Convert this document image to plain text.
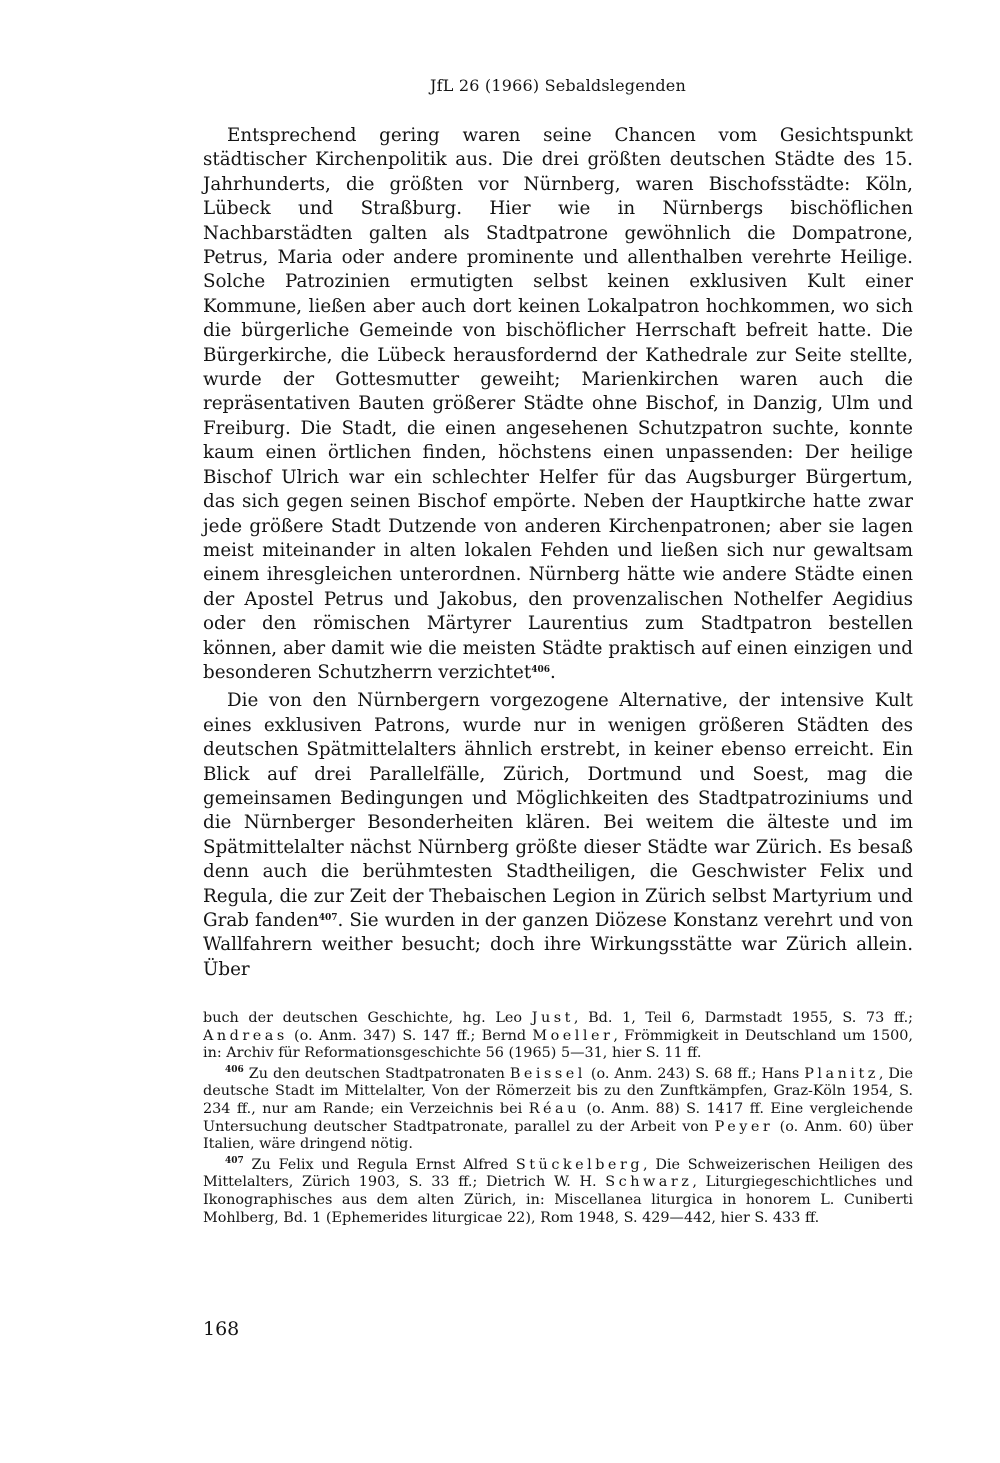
JfL 26 (1966) Sebaldslegenden

Entsprechend gering waren seine Chancen vom Gesichtspunkt städtischer Kirchenpolitik aus. Die drei größten deutschen Städte des 15. Jahrhunderts, die größten vor Nürnberg, waren Bischofsstädte: Köln, Lübeck und Straßburg. Hier wie in Nürnbergs bischöflichen Nachbarstädten galten als Stadtpatrone gewöhnlich die Dompatrone, Petrus, Maria oder andere prominente und allenthalben verehrte Heilige. Solche Patrozinien ermutigten selbst keinen exklusiven Kult einer Kommune, ließen aber auch dort keinen Lokalpatron hochkommen, wo sich die bürgerliche Gemeinde von bischöflicher Herrschaft befreit hatte. Die Bürgerkirche, die Lübeck herausfordernd der Kathedrale zur Seite stellte, wurde der Gottesmutter geweiht; Marienkirchen waren auch die repräsentativen Bauten größerer Städte ohne Bischof, in Danzig, Ulm und Freiburg. Die Stadt, die einen angesehenen Schutzpatron suchte, konnte kaum einen örtlichen finden, höchstens einen unpassenden: Der heilige Bischof Ulrich war ein schlechter Helfer für das Augsburger Bürgertum, das sich gegen seinen Bischof empörte. Neben der Hauptkirche hatte zwar jede größere Stadt Dutzende von anderen Kirchenpatronen; aber sie lagen meist miteinander in alten lokalen Fehden und ließen sich nur gewaltsam einem ihresgleichen unterordnen. Nürnberg hätte wie andere Städte einen der Apostel Petrus und Jakobus, den provenzalischen Nothelfer Aegidius oder den römischen Märtyrer Laurentius zum Stadtpatron bestellen können, aber damit wie die meisten Städte praktisch auf einen einzigen und besonderen Schutzherrn verzichtet$^{406}$.

Die von den Nürnbergern vorgezogene Alternative, der intensive Kult eines exklusiven Patrons, wurde nur in wenigen größeren Städten des deutschen Spätmittelalters ähnlich erstrebt, in keiner ebenso erreicht. Ein Blick auf drei Parallelfälle, Zürich, Dortmund und Soest, mag die gemeinsamen Bedingungen und Möglichkeiten des Stadtpatroziniums und die Nürnberger Besonderheiten klären. Bei weitem die älteste und im Spätmittelalter nächst Nürnberg größte dieser Städte war Zürich. Es besaß denn auch die berühmtesten Stadtheiligen, die Geschwister Felix und Regula, die zur Zeit der Thebaischen Legion in Zürich selbst Martyrium und Grab fanden$^{407}$. Sie wurden in der ganzen Diözese Konstanz verehrt und von Wallfahrern weither besucht; doch ihre Wirkungsstätte war Zürich allein. Über

buch der deutschen Geschichte, hg. Leo Just, Bd. 1, Teil 6, Darmstadt 1955, S. 73 ff.; Andreas (o. Anm. 347) S. 147 ff.; Bernd Moeller, Frömmigkeit in Deutschland um 1500, in: Archiv für Reformationsgeschichte 56 (1965) 5—31, hier S. 11 ff.

$^{406}$ Zu den deutschen Stadtpatronaten Beissel (o. Anm. 243) S. 68 ff.; Hans Planitz, Die deutsche Stadt im Mittelalter, Von der Römerzeit bis zu den Zunftkämpfen, Graz-Köln 1954, S. 234 ff., nur am Rande; ein Verzeichnis bei Réau (o. Anm. 88) S. 1417 ff. Eine vergleichende Untersuchung deutscher Stadtpatronate, parallel zu der Arbeit von Peyer (o. Anm. 60) über Italien, wäre dringend nötig.

$^{407}$ Zu Felix und Regula Ernst Alfred Stückelberg, Die Schweizerischen Heiligen des Mittelalters, Zürich 1903, S. 33 ff.; Dietrich W. H. Schwarz, Liturgiegeschichtliches und Ikonographisches aus dem alten Zürich, in: Miscellanea liturgica in honorem L. Cuniberti Mohlberg, Bd. 1 (Ephemerides liturgicae 22), Rom 1948, S. 429—442, hier S. 433 ff.

168
